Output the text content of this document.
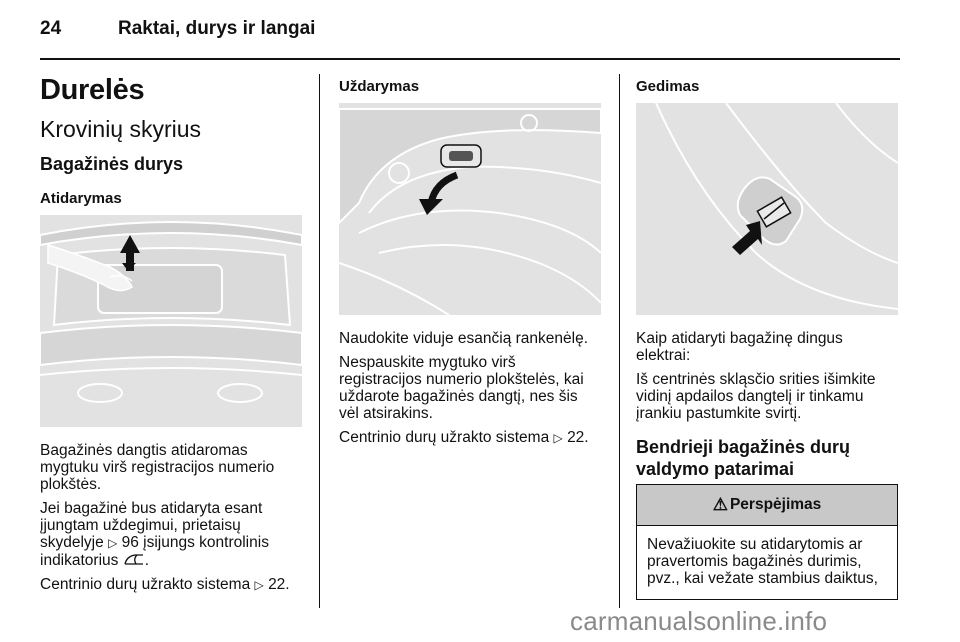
24	Raktai, durys ir langai
Durelės
Krovinių skyrius
Bagažinės durys
Atidarymas

Bagažinės dangtis atidaromas mygtuku virš registracijos numerio plokštės.

Jei bagažinė bus atidaryta esant įjungtam uždegimui, prietaisų skydelyje ▷ 96 įsijungs kontrolinis indikatorius .

Centrinio durų užrakto sistema ▷ 22.

Uždarymas

Naudokite viduje esančią rankenėlę.

Nespauskite mygtuko virš registracijos numerio plokštelės, kai uždarote bagažinės dangtį, nes šis vėl atsirakins.

Centrinio durų užrakto sistema ▷ 22.

Gedimas

Kaip atidaryti bagažinę dingus elektrai:

Iš centrinės skląsčio srities išimkite vidinį apdailos dangtelį ir tinkamu įrankiu pastumkite svirtį.

Bendrieji bagažinės durų valdymo patarimai
⚠ Perspėjimas
Nevažiuokite su atidarytomis ar pravertomis bagažinės durimis, pvz., kai vežate stambius daiktus,
carmanualsonline.info
